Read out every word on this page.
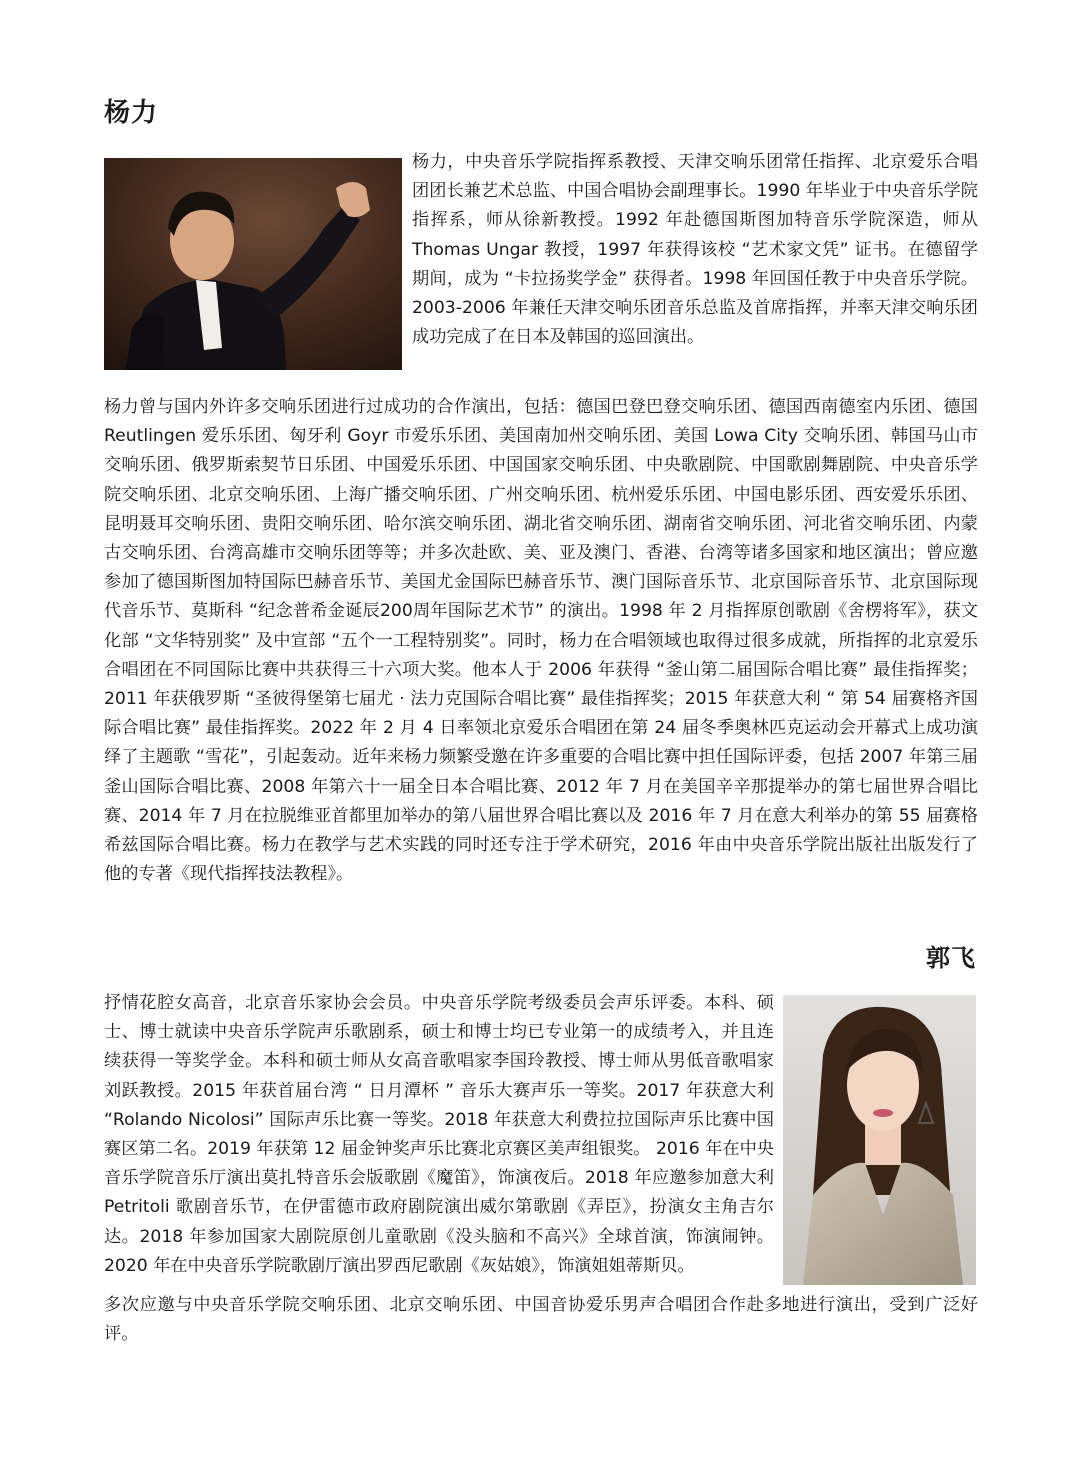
杨力

杨力，中央音乐学院指挥系教授、天津交响乐团常任指挥、北京爱乐合唱团团长兼艺术总监、中国合唱协会副理事长。1990 年毕业于中央音乐学院指挥系，师从徐新教授。1992 年赴德国斯图加特音乐学院深造，师从 Thomas Ungar 教授，1997 年获得该校 “艺术家文凭” 证书。在德留学期间，成为 “卡拉扬奖学金” 获得者。1998 年回国任教于中央音乐学院。2003-2006 年兼任天津交响乐团音乐总监及首席指挥，并率天津交响乐团成功完成了在日本及韩国的巡回演出。

杨力曾与国内外许多交响乐团进行过成功的合作演出，包括：德国巴登巴登交响乐团、德国西南德室内乐团、德国 Reutlingen 爱乐乐团、匈牙利 Goyr 市爱乐乐团、美国南加州交响乐团、美国 Lowa City 交响乐团、韩国马山市交响乐团、俄罗斯索契节日乐团、中国爱乐乐团、中国国家交响乐团、中央歌剧院、中国歌剧舞剧院、中央音乐学院交响乐团、北京交响乐团、上海广播交响乐团、广州交响乐团、杭州爱乐乐团、中国电影乐团、西安爱乐乐团、昆明聂耳交响乐团、贵阳交响乐团、哈尔滨交响乐团、湖北省交响乐团、湖南省交响乐团、河北省交响乐团、内蒙古交响乐团、台湾高雄市交响乐团等等；并多次赴欧、美、亚及澳门、香港、台湾等诸多国家和地区演出；曾应邀参加了德国斯图加特国际巴赫音乐节、美国尤金国际巴赫音乐节、澳门国际音乐节、北京国际音乐节、北京国际现代音乐节、莫斯科 “纪念普希金诞辰200周年国际艺术节” 的演出。1998 年 2 月指挥原创歌剧《舍楞将军》，获文化部 “文华特别奖” 及中宣部 “五个一工程特别奖”。同时，杨力在合唱领域也取得过很多成就，所指挥的北京爱乐合唱团在不同国际比赛中共获得三十六项大奖。他本人于 2006 年获得 “釜山第二届国际合唱比赛” 最佳指挥奖；2011 年获俄罗斯 “圣彼得堡第七届尤 · 法力克国际合唱比赛” 最佳指挥奖；2015 年获意大利 “ 第 54 届赛格齐国际合唱比赛” 最佳指挥奖。2022 年 2 月 4 日率领北京爱乐合唱团在第 24 届冬季奥林匹克运动会开幕式上成功演绎了主题歌 “雪花”，引起轰动。近年来杨力频繁受邀在许多重要的合唱比赛中担任国际评委，包括 2007 年第三届釜山国际合唱比赛、2008 年第六十一届全日本合唱比赛、2012 年 7 月在美国辛辛那提举办的第七届世界合唱比赛、2014 年 7 月在拉脱维亚首都里加举办的第八届世界合唱比赛以及 2016 年 7 月在意大利举办的第 55 届赛格希兹国际合唱比赛。杨力在教学与艺术实践的同时还专注于学术研究，2016 年由中央音乐学院出版社出版发行了他的专著《现代指挥技法教程》。

郭飞

抒情花腔女高音，北京音乐家协会会员。中央音乐学院考级委员会声乐评委。本科、硕士、博士就读中央音乐学院声乐歌剧系，硕士和博士均已专业第一的成绩考入，并且连续获得一等奖学金。本科和硕士师从女高音歌唱家李国玲教授、博士师从男低音歌唱家刘跃教授。2015 年获首届台湾 “ 日月潭杯 ” 音乐大赛声乐一等奖。2017 年获意大利 “Rolando Nicolosi” 国际声乐比赛一等奖。2018 年获意大利费拉拉国际声乐比赛中国赛区第二名。2019 年获第 12 届金钟奖声乐比赛北京赛区美声组银奖。 2016 年在中央音乐学院音乐厅演出莫扎特音乐会版歌剧《魔笛》，饰演夜后。2018 年应邀参加意大利 Petritoli 歌剧音乐节，在伊雷德市政府剧院演出威尔第歌剧《弄臣》，扮演女主角吉尔达。2018 年参加国家大剧院原创儿童歌剧《没头脑和不高兴》全球首演，饰演闹钟。2020 年在中央音乐学院歌剧厅演出罗西尼歌剧《灰姑娘》，饰演姐姐蒂斯贝。

多次应邀与中央音乐学院交响乐团、北京交响乐团、中国音协爱乐男声合唱团合作赴多地进行演出，受到广泛好评。
